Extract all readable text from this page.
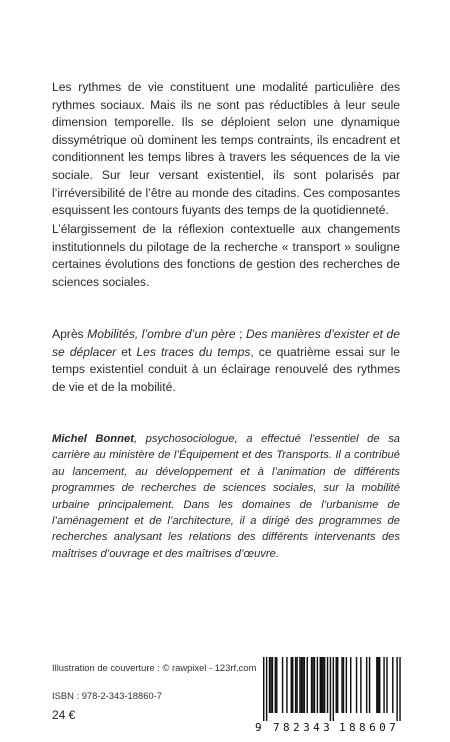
Les rythmes de vie constituent une modalité particulière des rythmes sociaux. Mais ils ne sont pas réductibles à leur seule dimension temporelle. Ils se déploient selon une dynamique dissymétrique où dominent les temps contraints, ils encadrent et conditionnent les temps libres à travers les séquences de la vie sociale. Sur leur versant existentiel, ils sont polarisés par l’irréversibilité de l’être au monde des citadins. Ces composantes esquissent les contours fuyants des temps de la quotidienneté.

L’élargissement de la réflexion contextuelle aux changements institutionnels du pilotage de la recherche « transport » souligne certaines évolutions des fonctions de gestion des recherches de sciences sociales.

Après Mobilités, l’ombre d’un père ; Des manières d’exister et de se déplacer et Les traces du temps, ce quatrième essai sur le temps existentiel conduit à un éclairage renouvelé des rythmes de vie et de la mobilité.

Michel Bonnet, psychosociologue, a effectué l’essentiel de sa carrière au ministère de l’Équipement et des Transports. Il a contribué au lancement, au développement et à l’animation de différents programmes de recherches de sciences sociales, sur la mobilité urbaine principalement. Dans les domaines de l’urbanisme de l’aménagement et de l’architecture, il a dirigé des programmes de recherches analysant les relations des différents intervenants des maîtrises d’ouvrage et des maîtrises d’œuvre.

Illustration de couverture : © rawpixel - 123rf.com
ISBN : 978-2-343-18860-7
24 €
9 782343 188607
